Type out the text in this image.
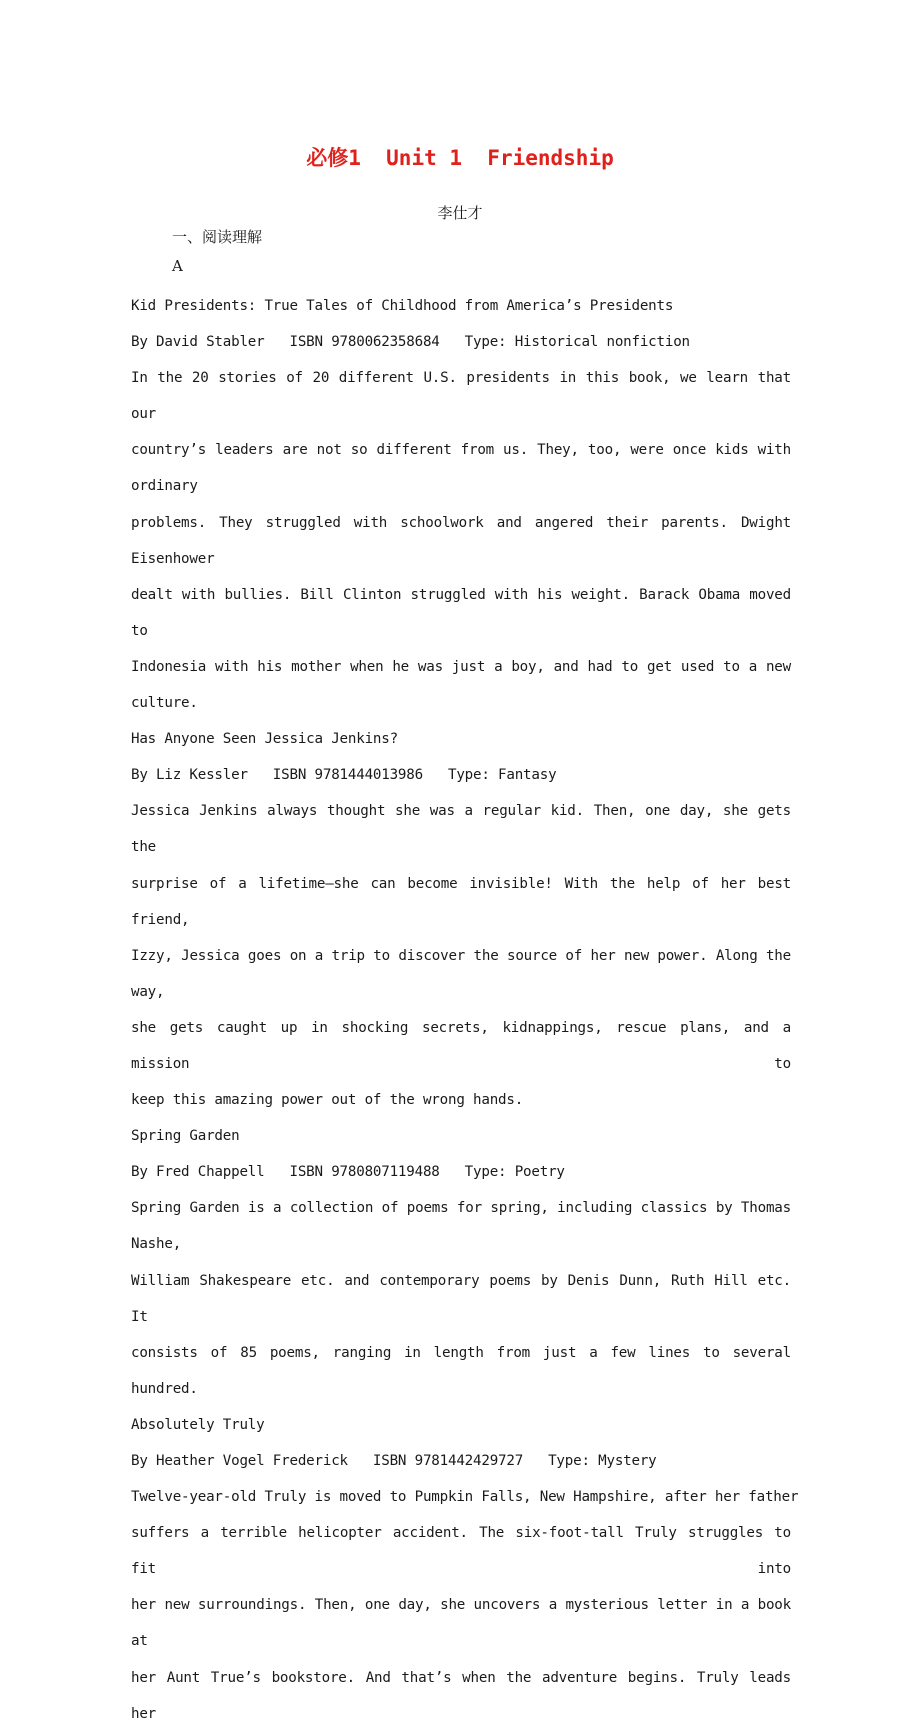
必修1  Unit 1  Friendship
李仕才
一、阅读理解
A
Kid Presidents: True Tales of Childhood from America’s Presidents
By David Stabler   ISBN 9780062358684   Type: Historical nonfiction
In the 20 stories of 20 different U.S. presidents in this book, we learn that our
country’s leaders are not so different from us. They, too, were once kids with ordinary
problems. They struggled with schoolwork and angered their parents. Dwight Eisenhower
dealt with bullies. Bill Clinton struggled with his weight. Barack Obama moved to
Indonesia with his mother when he was just a boy, and had to get used to a new culture.
Has Anyone Seen Jessica Jenkins?
By Liz Kessler   ISBN 9781444013986   Type: Fantasy
Jessica Jenkins always thought she was a regular kid. Then, one day, she gets the
surprise of a lifetime—she can become invisible! With the help of her best friend,
Izzy, Jessica goes on a trip to discover the source of her new power. Along the way,
she gets caught up in shocking secrets, kidnappings, rescue plans, and a mission to
keep this amazing power out of the wrong hands.
Spring Garden
By Fred Chappell   ISBN 9780807119488   Type: Poetry
Spring Garden is a collection of poems for spring, including classics by Thomas Nashe,
William Shakespeare etc. and contemporary poems by Denis Dunn, Ruth Hill etc. It
consists of 85 poems, ranging in length from just a few lines to several hundred.
Absolutely Truly
By Heather Vogel Frederick   ISBN 9781442429727   Type: Mystery
Twelve-year-old Truly is moved to Pumpkin Falls, New Hampshire, after her father
suffers a terrible helicopter accident. The six-foot-tall Truly struggles to fit into
her new surroundings. Then, one day, she uncovers a mysterious letter in a book at
her Aunt True’s bookstore. And that’s when the adventure begins. Truly leads her
